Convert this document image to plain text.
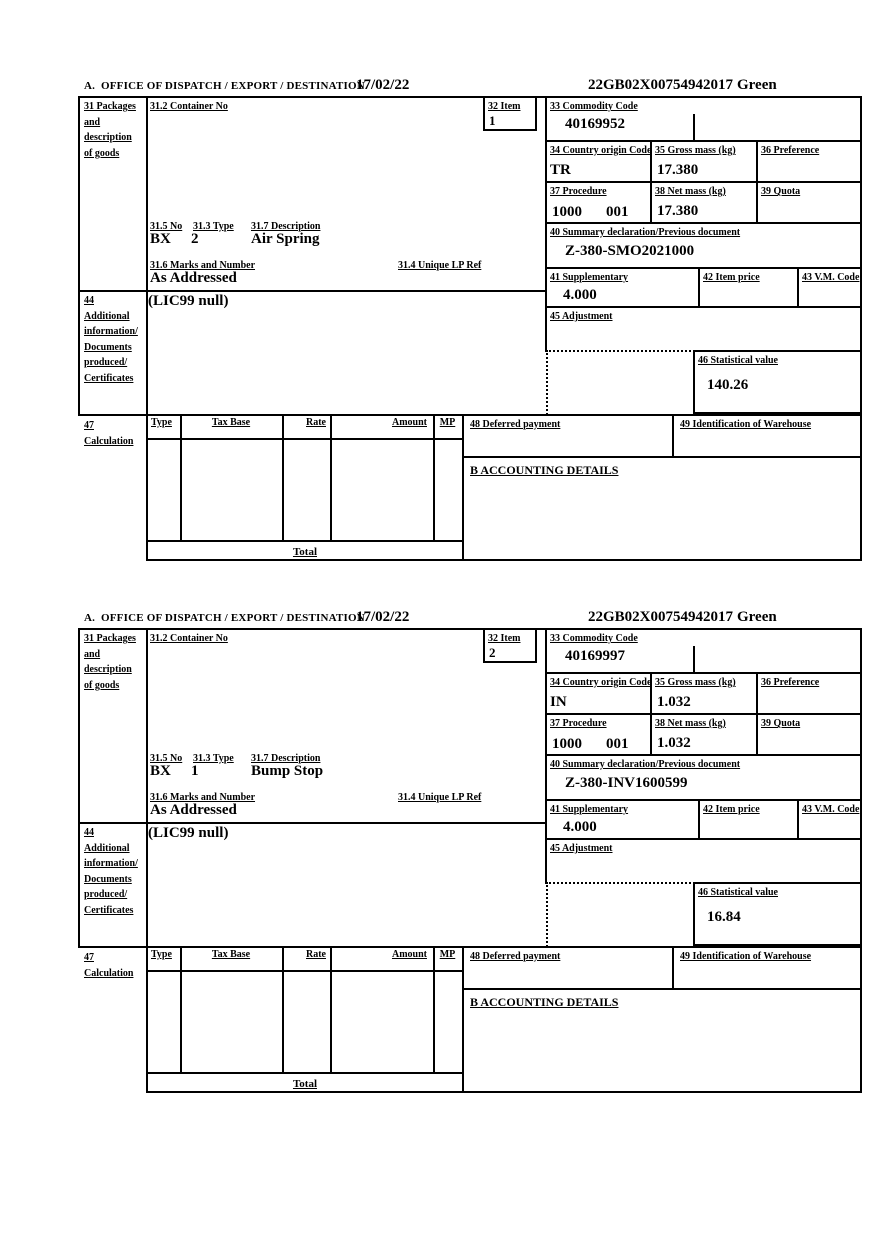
A.  OFFICE OF DISPATCH / EXPORT / DESTINATION
17/02/22	22GB02X00754942017 Green
31 Packages
and
description
of goods
44
Additional
information/
Documents
produced/
Certificates
47
Calculation
31.2 Container No	32 Item
1
31.5 No 31.3 Type 31.7 Description
BX 2	Air Spring
31.6 Marks and Number	31.4 Unique LP Ref
As Addressed
(LIC99 null)
33 Commodity Code
40169952
34 Country origin Code
TR
35 Gross mass (kg)
17.380
36 Preference
37 Procedure
1000 001
38 Net mass (kg)
17.380
39 Quota
40 Summary declaration/Previous document
Z-380-SMO2021000
41 Supplementary
4.000
42 Item price	43 V.M. Code
45 Adjustment
46 Statistical value
140.26
Type	Tax Base	Rate	Amount	MP
Total
48 Deferred payment	49 Identification of Warehouse
B ACCOUNTING DETAILS
A.  OFFICE OF DISPATCH / EXPORT / DESTINATION
17/02/22	22GB02X00754942017 Green
31 Packages
and
description
of goods
44
Additional
information/
Documents
produced/
Certificates
47
Calculation
31.2 Container No	32 Item
2
31.5 No 31.3 Type 31.7 Description
BX 1	Bump Stop
31.6 Marks and Number	31.4 Unique LP Ref
As Addressed
(LIC99 null)
33 Commodity Code
40169997
34 Country origin Code
IN
35 Gross mass (kg)
1.032
36 Preference
37 Procedure
1000 001
38 Net mass (kg)
1.032
39 Quota
40 Summary declaration/Previous document
Z-380-INV1600599
41 Supplementary
4.000
42 Item price	43 V.M. Code
45 Adjustment
46 Statistical value
16.84
Type	Tax Base	Rate	Amount	MP
Total
48 Deferred payment	49 Identification of Warehouse
B ACCOUNTING DETAILS
